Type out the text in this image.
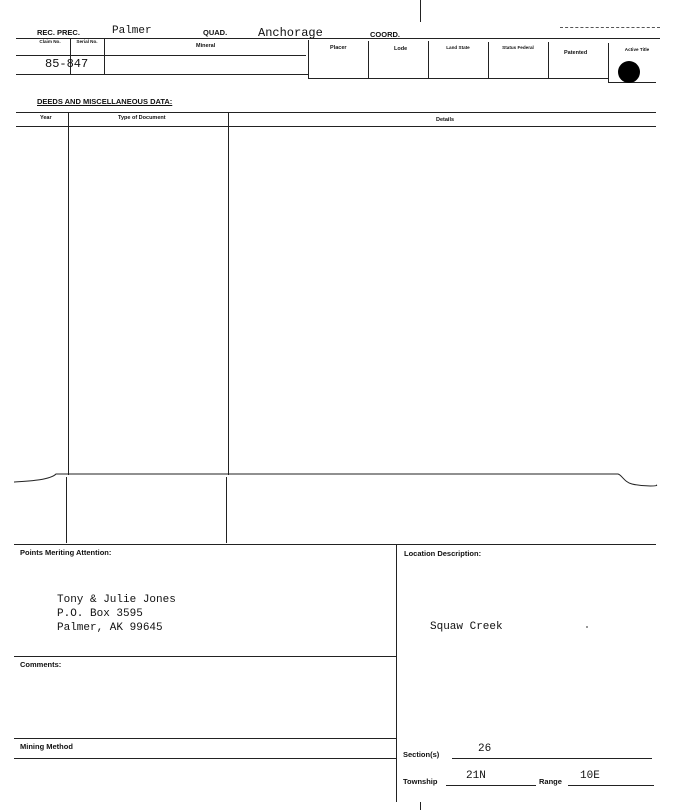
REC. PREC.	Palmer	QUAD.	Anchorage	COORD.
Claim No.	Serial No.
Mineral	Placer	Lode	Land State	Status Federal
Patented
Active Title
85-847
DEEDS AND MISCELLANEOUS DATA:
Year	Type of Document	Details
Points Meriting Attention:
Tony & Julie Jones
P.O. Box 3595
Palmer, AK 99645
Comments:
Mining Method
Location Description:
Squaw Creek
Section(s)	26
Township	21N	Range 10E
